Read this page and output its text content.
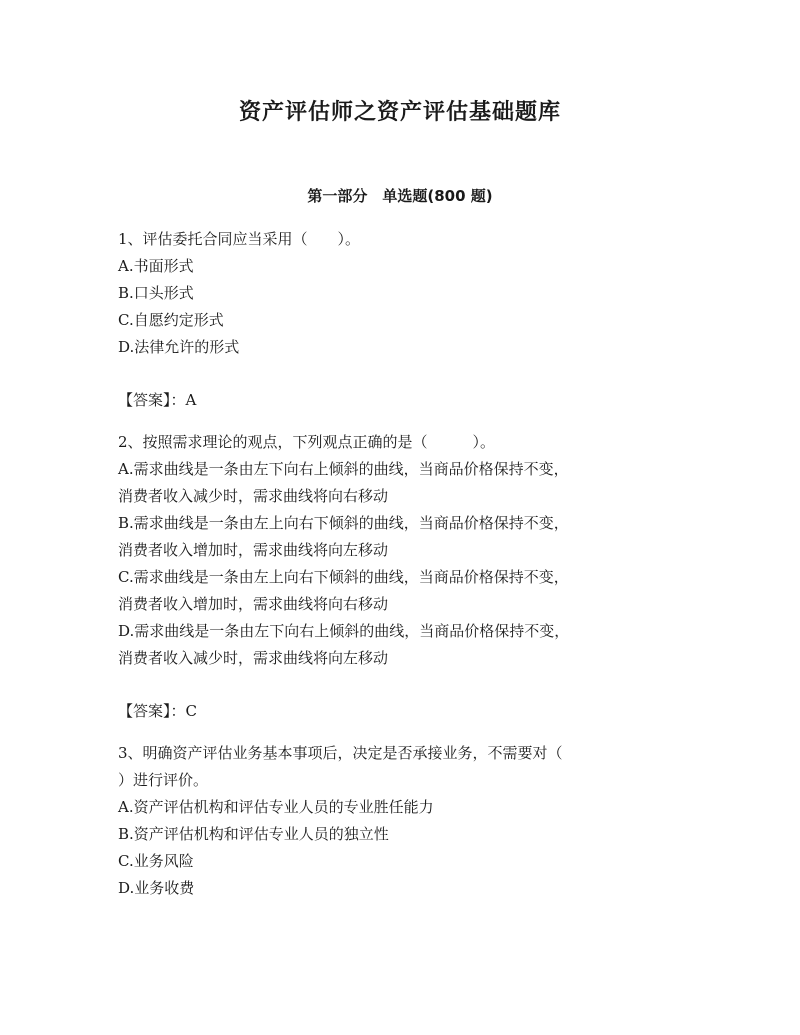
资产评估师之资产评估基础题库
第一部分　单选题(800 题)
1、评估委托合同应当采用（　　）。
A.书面形式
B.口头形式
C.自愿约定形式
D.法律允许的形式
【答案】：A
2、按照需求理论的观点，下列观点正确的是（　　　）。
A.需求曲线是一条由左下向右上倾斜的曲线，当商品价格保持不变，
消费者收入减少时，需求曲线将向右移动
B.需求曲线是一条由左上向右下倾斜的曲线，当商品价格保持不变，
消费者收入增加时，需求曲线将向左移动
C.需求曲线是一条由左上向右下倾斜的曲线，当商品价格保持不变，
消费者收入增加时，需求曲线将向右移动
D.需求曲线是一条由左下向右上倾斜的曲线，当商品价格保持不变，
消费者收入减少时，需求曲线将向左移动
【答案】：C
3、明确资产评估业务基本事项后，决定是否承接业务，不需要对（
）进行评价。
A.资产评估机构和评估专业人员的专业胜任能力
B.资产评估机构和评估专业人员的独立性
C.业务风险
D.业务收费
